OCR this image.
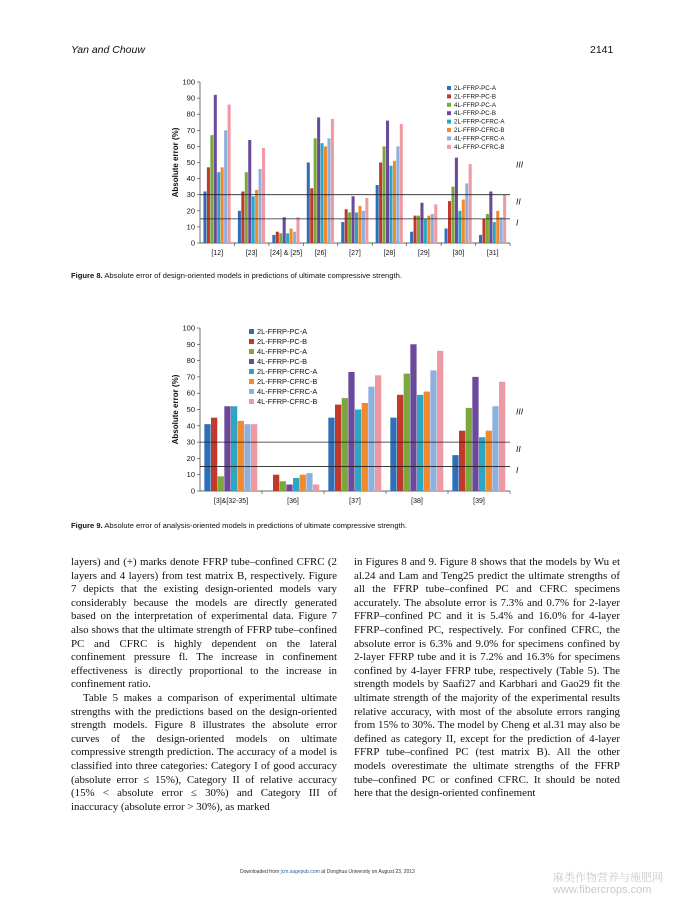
Yan and Chouw	2141
0
10
20
30
40
50
60
70
80
90
100
Absolute error (%)
[12]	[23] [24] & [25] [26]	[27]	[28]	[29]	[30]	[31]
III
II
I
2L-FFRP-PC-A
2L-FFRP-PC-B
4L-FFRP-PC-A
4L-FFRP-PC-B
2L-FFRP-CFRC-A
2L-FFRP-CFRC-B
4L-FFRP-CFRC-A
4L-FFRP-CFRC-B
Figure 8. Absolute error of design-oriented models in predictions of ultimate compressive strength.
0
10
20
30
40
50
60
70
80
90
100
Absolute error (%)
[3]&[32-35]	[36]	[37]	[38]	[39]
III
II
I
2L-FFRP-PC-A
2L-FFRP-PC-B
4L-FFRP-PC-A
4L-FFRP-PC-B
2L-FFRP-CFRC-A
2L-FFRP-CFRC-B
4L-FFRP-CFRC-A
4L-FFRP-CFRC-B
Figure 9. Absolute error of analysis-oriented models in predictions of ultimate compressive strength.

layers) and (+) marks denote FFRP tube–confined CFRC (2 layers and 4 layers) from test matrix B, respectively. Figure 7 depicts that the existing design-oriented models vary considerably because the models are directly generated based on the interpretation of experimental data. Figure 7 also shows that the ultimate strength of FFRP tube–confined PC and CFRC is highly dependent on the lateral confinement pressure fl. The increase in confinement effectiveness is directly proportional to the increase in confinement ratio.

Table 5 makes a comparison of experimental ultimate strengths with the predictions based on the design-oriented strength models. Figure 8 illustrates the absolute error curves of the design-oriented models on ultimate compressive strength prediction. The accuracy of a model is classified into three categories: Category I of good accuracy (absolute error ≤ 15%), Category II of relative accuracy (15% < absolute error ≤ 30%) and Category III of inaccuracy (absolute error > 30%), as marked

in Figures 8 and 9. Figure 8 shows that the models by Wu et al.24 and Lam and Teng25 predict the ultimate strengths of all the FFRP tube–confined PC and CFRC specimens accurately. The absolute error is 7.3% and 0.7% for 2-layer FFRP–confined PC and it is 5.4% and 16.0% for 4-layer FFRP–confined PC, respectively. For confined CFRC, the absolute error is 6.3% and 9.0% for specimens confined by 2-layer FFRP tube and it is 7.2% and 16.3% for specimens confined by 4-layer FFRP tube, respectively (Table 5). The strength models by Saafi27 and Karbhari and Gao29 fit the ultimate strength of the majority of the experimental results relative accuracy, with most of the absolute errors ranging from 15% to 30%. The model by Cheng et al.31 may also be defined as category II, except for the prediction of 4-layer FFRP tube–confined PC (test matrix B). All the other models overestimate the ultimate strengths of the FFRP tube–confined PC or confined CFRC. It should be noted here that the design-oriented confinement

Downloaded from jcm.sagepub.com at Donghua University on August 23, 2013	麻类作物营养与施肥网
www.fibercrops.com
